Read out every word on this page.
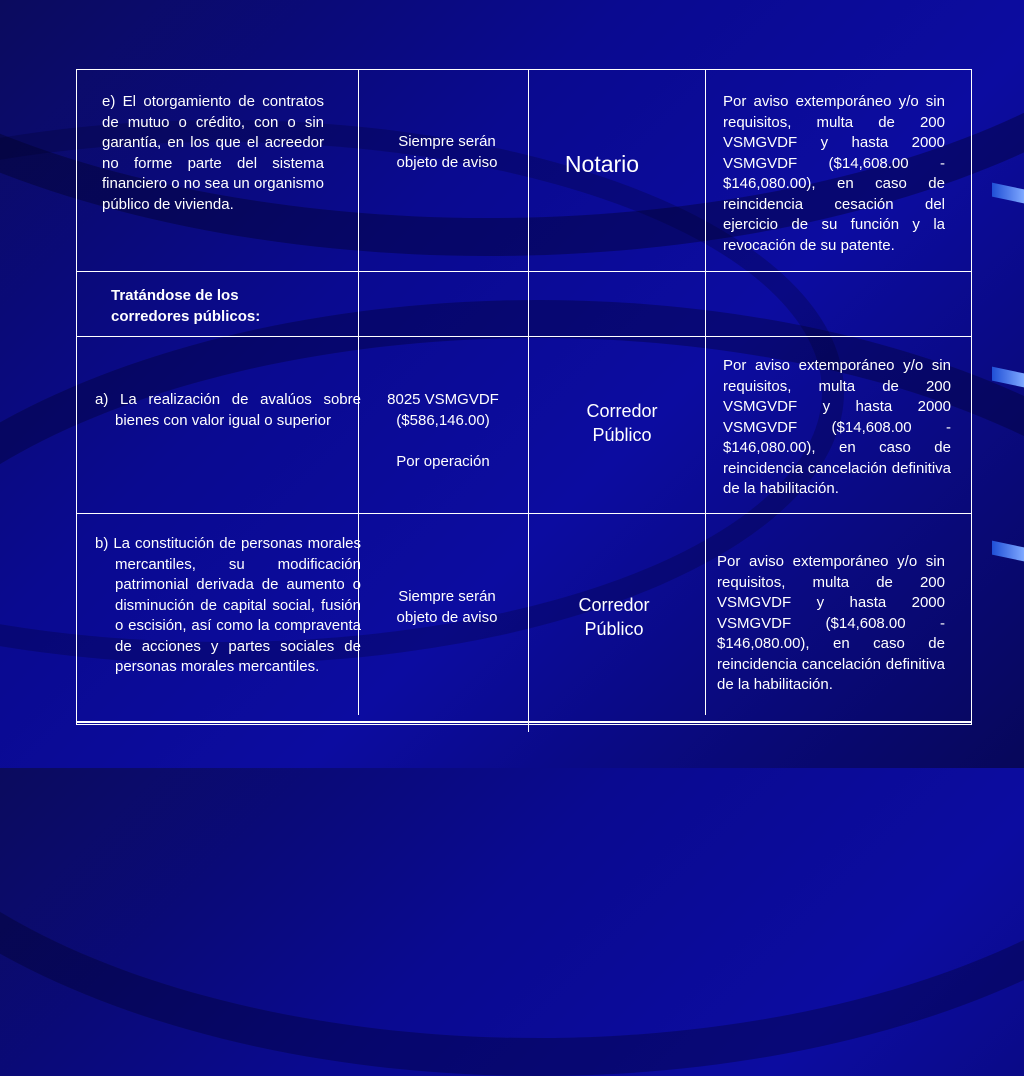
e) El otorgamiento de contratos de mutuo o crédito, con o sin garantía, en los que el acreedor no forme parte del sistema financiero o no sea un organismo público de vivienda.
Siempre serán objeto de aviso	Notario
Por aviso extemporáneo y/o sin requisitos, multa de 200 VSMGVDF y hasta 2000 VSMGVDF ($14,608.00 - $146,080.00), en caso de reincidencia cesación del ejercicio de su función y la revocación de su patente.
Tratándose de los corredores públicos:
a) La realización de avalúos sobre bienes con valor igual o superior

8025 VSMGVDF

($586,146.00)

Por operación

Corredor Público
Por aviso extemporáneo y/o sin requisitos, multa de 200 VSMGVDF y hasta 2000 VSMGVDF ($14,608.00 - $146,080.00), en caso de reincidencia cancelación definitiva de la habilitación.
b) La constitución de personas morales mercantiles, su modificación patrimonial derivada de aumento o disminución de capital social, fusión o escisión, así como la compraventa de acciones y partes sociales de personas morales mercantiles.
Siempre serán objeto de aviso
Corredor Público
Por aviso extemporáneo y/o sin requisitos, multa de 200 VSMGVDF y hasta 2000 VSMGVDF ($14,608.00 - $146,080.00), en caso de reincidencia cancelación definitiva de la habilitación.
